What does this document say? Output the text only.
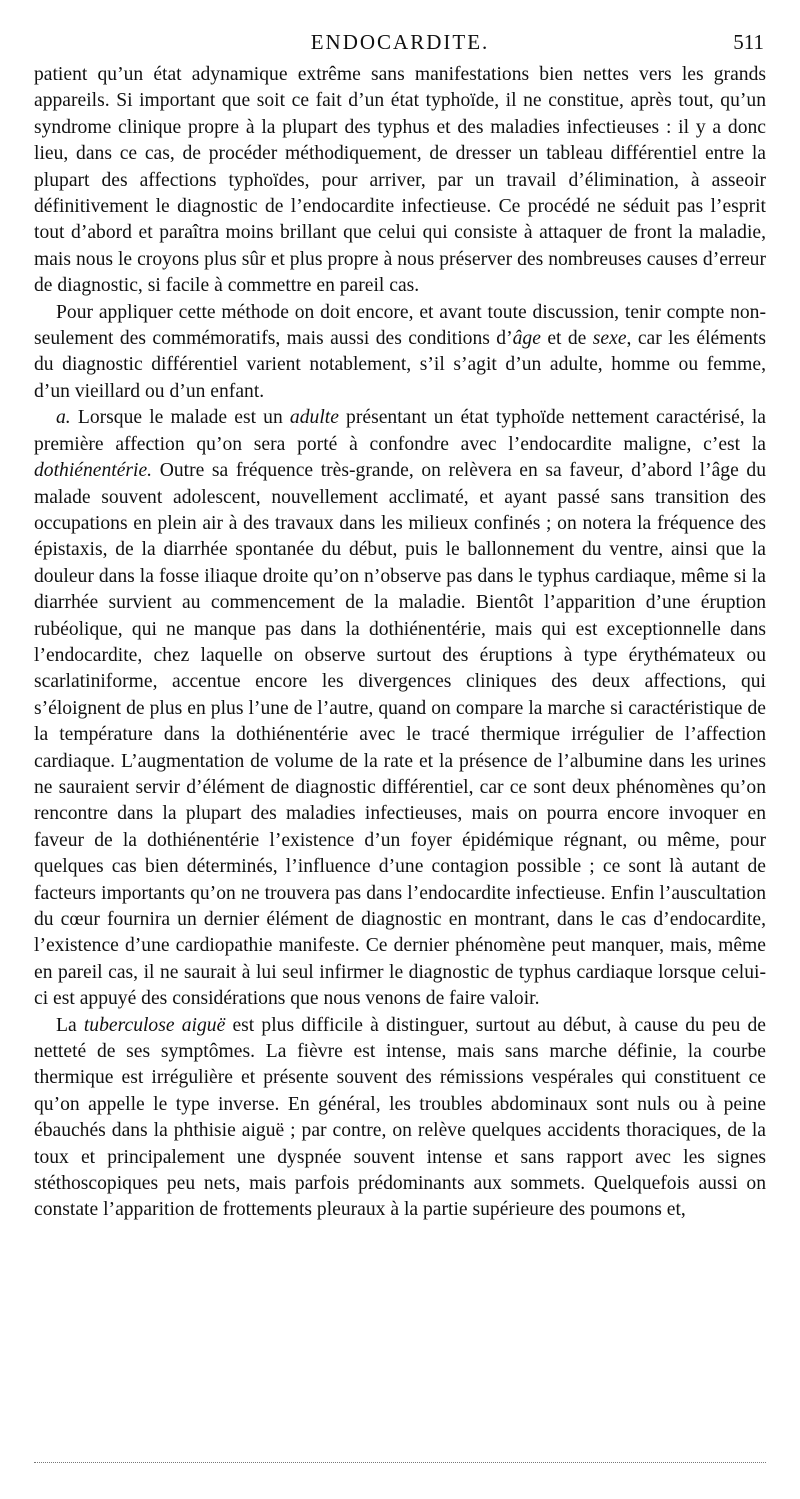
ENDOCARDITE.	511

patient qu’un état adynamique extrême sans manifestations bien nettes vers les grands appareils. Si important que soit ce fait d’un état typhoïde, il ne constitue, après tout, qu’un syndrome clinique propre à la plupart des typhus et des maladies infectieuses : il y a donc lieu, dans ce cas, de procéder méthodiquement, de dresser un tableau différentiel entre la plupart des affections typhoïdes, pour arriver, par un travail d’élimination, à asseoir définitivement le diagnostic de l’endocardite infectieuse. Ce procédé ne séduit pas l’esprit tout d’abord et paraîtra moins brillant que celui qui consiste à attaquer de front la maladie, mais nous le croyons plus sûr et plus propre à nous préserver des nombreuses causes d’erreur de diagnostic, si facile à commettre en pareil cas.

Pour appliquer cette méthode on doit encore, et avant toute discussion, tenir compte non-seulement des commémoratifs, mais aussi des conditions d’âge et de sexe, car les éléments du diagnostic différentiel varient notablement, s’il s’agit d’un adulte, homme ou femme, d’un vieillard ou d’un enfant.

a. Lorsque le malade est un adulte présentant un état typhoïde nettement caractérisé, la première affection qu’on sera porté à confondre avec l’endocardite maligne, c’est la dothiénentérie. Outre sa fréquence très-grande, on relèvera en sa faveur, d’abord l’âge du malade souvent adolescent, nouvellement acclimaté, et ayant passé sans transition des occupations en plein air à des travaux dans les milieux confinés ; on notera la fréquence des épistaxis, de la diarrhée spontanée du début, puis le ballonnement du ventre, ainsi que la douleur dans la fosse iliaque droite qu’on n’observe pas dans le typhus cardiaque, même si la diarrhée survient au commencement de la maladie. Bientôt l’apparition d’une éruption rubéolique, qui ne manque pas dans la dothiénentérie, mais qui est exceptionnelle dans l’endocardite, chez laquelle on observe surtout des éruptions à type érythémateux ou scarlatiniforme, accentue encore les divergences cliniques des deux affections, qui s’éloignent de plus en plus l’une de l’autre, quand on compare la marche si caractéristique de la température dans la dothiénentérie avec le tracé thermique irrégulier de l’affection cardiaque. L’augmentation de volume de la rate et la présence de l’albumine dans les urines ne sauraient servir d’élément de diagnostic différentiel, car ce sont deux phénomènes qu’on rencontre dans la plupart des maladies infectieuses, mais on pourra encore invoquer en faveur de la dothiénentérie l’existence d’un foyer épidémique régnant, ou même, pour quelques cas bien déterminés, l’influence d’une contagion possible ; ce sont là autant de facteurs importants qu’on ne trouvera pas dans l’endocardite infectieuse. Enfin l’auscultation du cœur fournira un dernier élément de diagnostic en montrant, dans le cas d’endocardite, l’existence d’une cardiopathie manifeste. Ce dernier phénomène peut manquer, mais, même en pareil cas, il ne saurait à lui seul infirmer le diagnostic de typhus cardiaque lorsque celui-ci est appuyé des considérations que nous venons de faire valoir.

La tuberculose aiguë est plus difficile à distinguer, surtout au début, à cause du peu de netteté de ses symptômes. La fièvre est intense, mais sans marche définie, la courbe thermique est irrégulière et présente souvent des rémissions vespérales qui constituent ce qu’on appelle le type inverse. En général, les troubles abdominaux sont nuls ou à peine ébauchés dans la phthisie aiguë ; par contre, on relève quelques accidents thoraciques, de la toux et principalement une dyspnée souvent intense et sans rapport avec les signes stéthoscopiques peu nets, mais parfois prédominants aux sommets. Quelquefois aussi on constate l’apparition de frottements pleuraux à la partie supérieure des poumons et,
